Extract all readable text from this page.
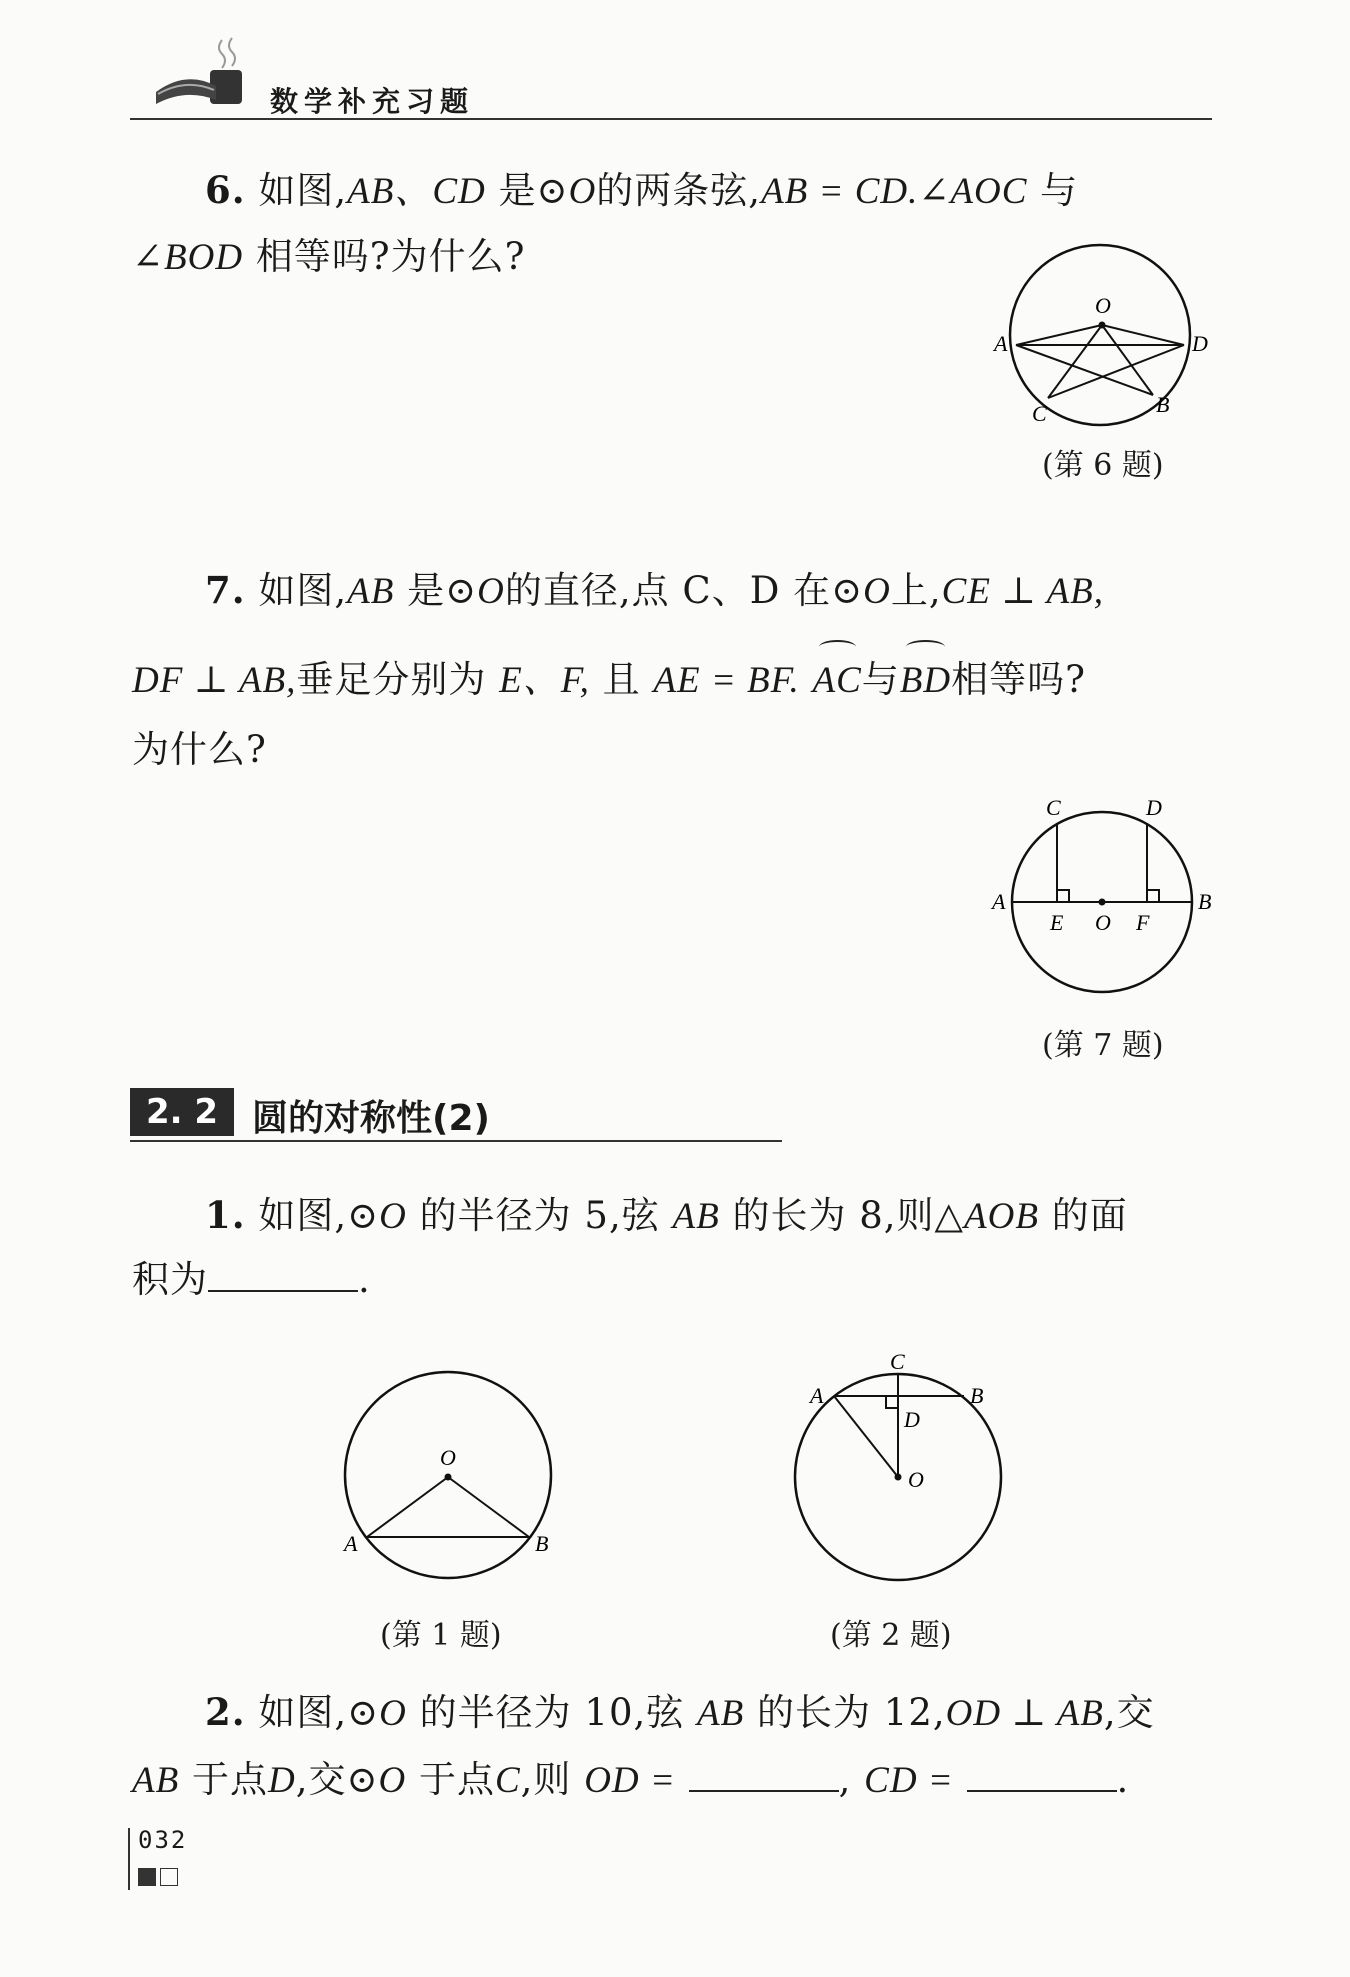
数学补充习题
6. 如图,AB、CD 是⊙O的两条弦,AB = CD.∠AOC 与
∠BOD 相等吗?为什么?
O
A	D
C	B
(第 6 题)
7. 如图,AB 是⊙O的直径,点 C、D 在⊙O上,CE ⊥ AB,
DF ⊥ AB,垂足分别为 E、F, 且 AE = BF. AC与BD相等吗?
为什么?
C	D
A	B
E O F
(第 7 题)
2. 2 圆的对称性(2)
1. 如图,⊙O 的半径为 5,弦 AB 的长为 8,则△AOB 的面
积为	.
O
A	B
(第 1 题)
C
A	B
D
O
(第 2 题)
2. 如图,⊙O 的半径为 10,弦 AB 的长为 12,OD ⊥ AB,交
AB 于点D,交⊙O 于点C,则 OD =	, CD =	.
032
